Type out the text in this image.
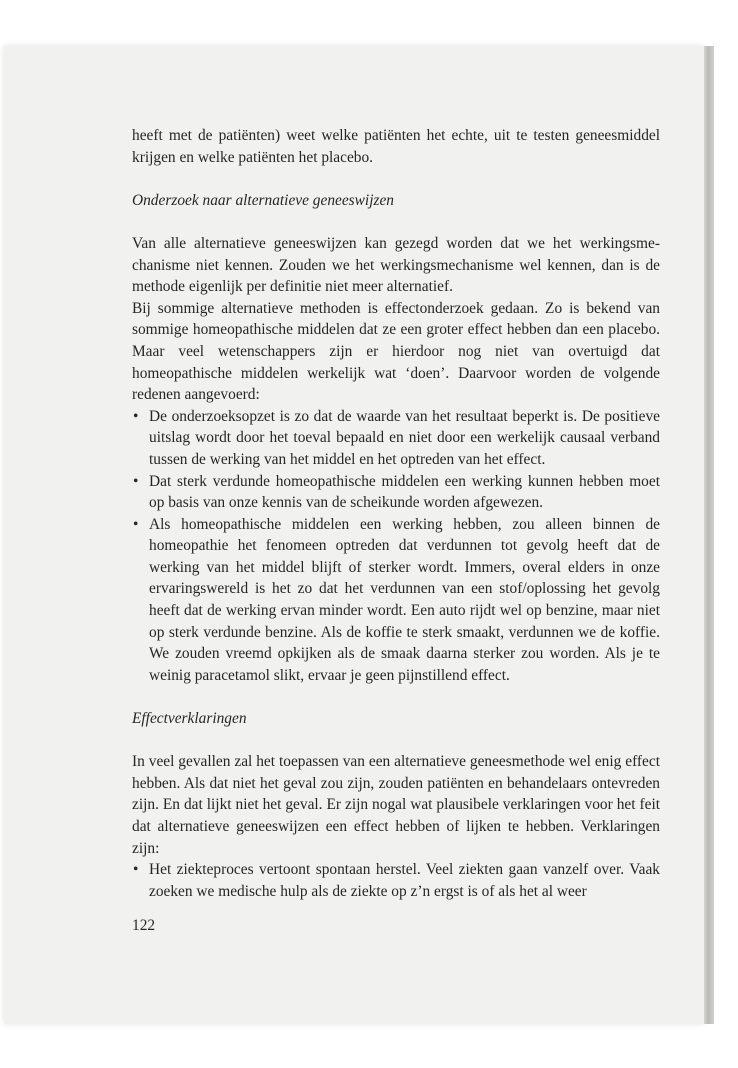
heeft met de patiënten) weet welke patiënten het echte, uit te testen geneesmiddel krijgen en welke patiënten het placebo.

Onderzoek naar alternatieve geneeswijzen

Van alle alternatieve geneeswijzen kan gezegd worden dat we het werkingsmechanisme niet kennen. Zouden we het werkingsmechanisme wel kennen, dan is de methode eigenlijk per definitie niet meer alternatief.

Bij sommige alternatieve methoden is effectonderzoek gedaan. Zo is bekend van sommige homeopathische middelen dat ze een groter effect hebben dan een placebo. Maar veel wetenschappers zijn er hierdoor nog niet van overtuigd dat homeopathische middelen werkelijk wat ‘doen’. Daarvoor worden de volgende redenen aangevoerd:

• De onderzoeksopzet is zo dat de waarde van het resultaat beperkt is. De positieve uitslag wordt door het toeval bepaald en niet door een werkelijk causaal verband tussen de werking van het middel en het optreden van het effect.
• Dat sterk verdunde homeopathische middelen een werking kunnen hebben moet op basis van onze kennis van de scheikunde worden afgewezen.
• Als homeopathische middelen een werking hebben, zou alleen binnen de homeopathie het fenomeen optreden dat verdunnen tot gevolg heeft dat de werking van het middel blijft of sterker wordt. Immers, overal elders in onze ervaringswereld is het zo dat het verdunnen van een stof/oplossing het gevolg heeft dat de werking ervan minder wordt. Een auto rijdt wel op benzine, maar niet op sterk verdunde benzine. Als de koffie te sterk smaakt, verdunnen we de koffie. We zouden vreemd opkijken als de smaak daarna sterker zou worden. Als je te weinig paracetamol slikt, ervaar je geen pijnstillend effect.
Effectverklaringen

In veel gevallen zal het toepassen van een alternatieve geneesmethode wel enig effect hebben. Als dat niet het geval zou zijn, zouden patiënten en behandelaars ontevreden zijn. En dat lijkt niet het geval. Er zijn nogal wat plausibele verklaringen voor het feit dat alternatieve geneeswijzen een effect hebben of lijken te hebben. Verklaringen zijn:

• Het ziekteproces vertoont spontaan herstel. Veel ziekten gaan vanzelf over. Vaak zoeken we medische hulp als de ziekte op z’n ergst is of als het al weer
122
